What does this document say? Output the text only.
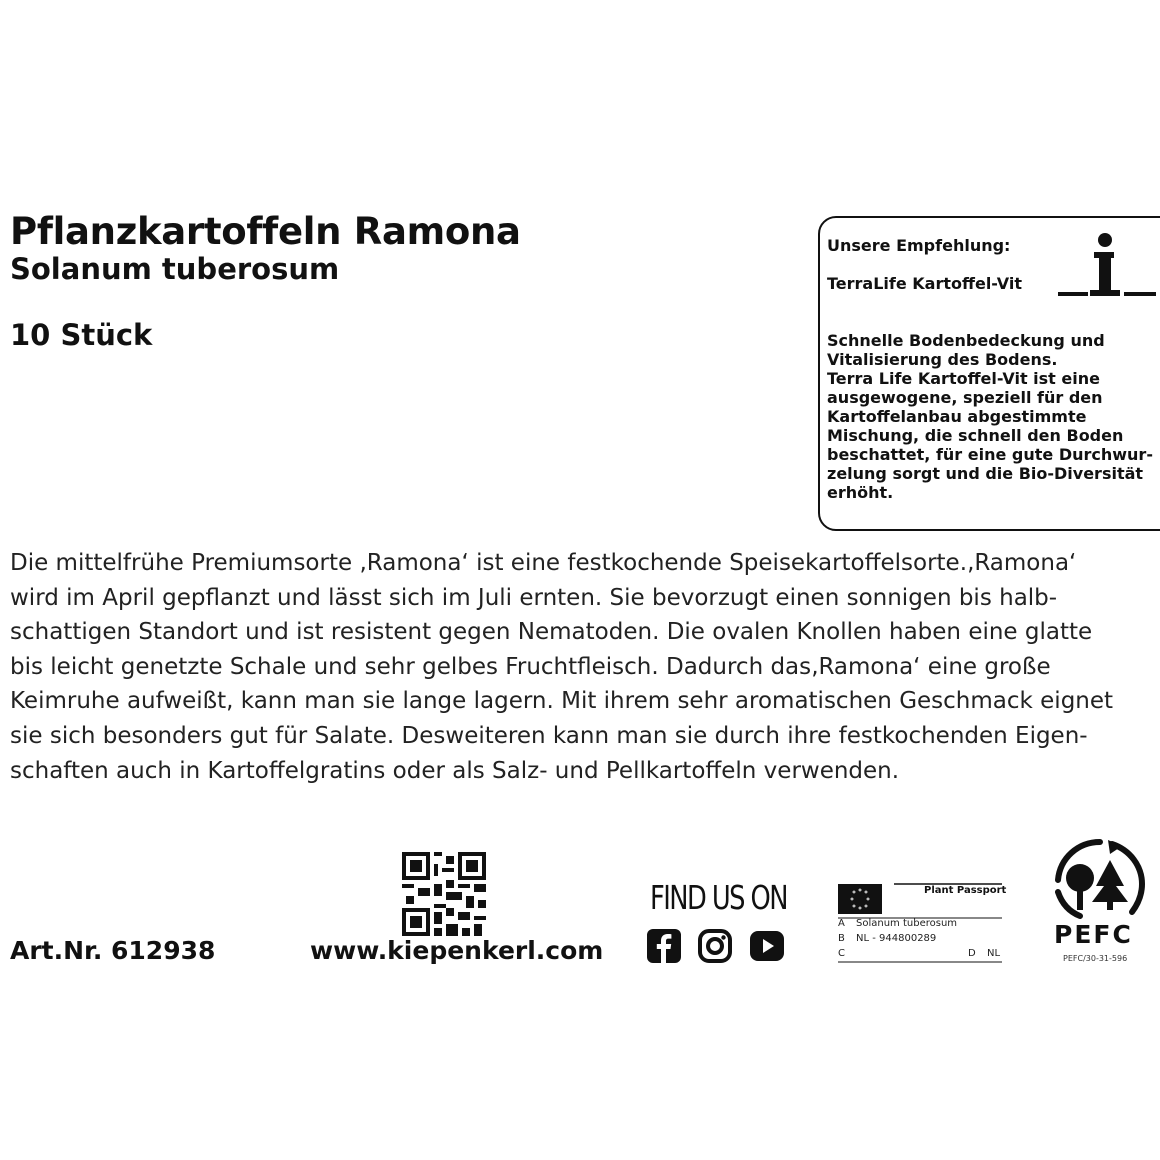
Pflanzkartoffeln Ramona
Solanum tuberosum
10 Stück
Unsere Empfehlung:
TerraLife Kartoffel-Vit
Schnelle Bodenbedeckung und
Vitalisierung des Bodens.
Terra Life Kartoffel-Vit ist eine
ausgewogene, speziell für den
Kartoffelanbau abgestimmte
Mischung, die schnell den Boden
beschattet, für eine gute Durchwur-
zelung sorgt und die Bio-Diversität
erhöht.
Die mittelfrühe Premiumsorte ‚Ramona‘ ist eine festkochende Speisekartoffelsorte.‚Ramona‘
wird im April gepflanzt und lässt sich im Juli ernten. Sie bevorzugt einen sonnigen bis halb-
schattigen Standort und ist resistent gegen Nematoden. Die ovalen Knollen haben eine glatte
bis leicht genetzte Schale und sehr gelbes Fruchtfleisch. Dadurch das‚Ramona‘ eine große
Keimruhe aufweißt, kann man sie lange lagern. Mit ihrem sehr aromatischen Geschmack eignet
sie sich besonders gut für Salate. Desweiteren kann man sie durch ihre festkochenden Eigen-
schaften auch in Kartoffelgratins oder als Salz- und Pellkartoffeln verwenden.
Art.Nr. 612938	www.kiepenkerl.com
FIND US ON	Plant Passport
A Solanum tuberosum
B NL - 944800289
C	D NL
PEFC
PEFC/30-31-596
